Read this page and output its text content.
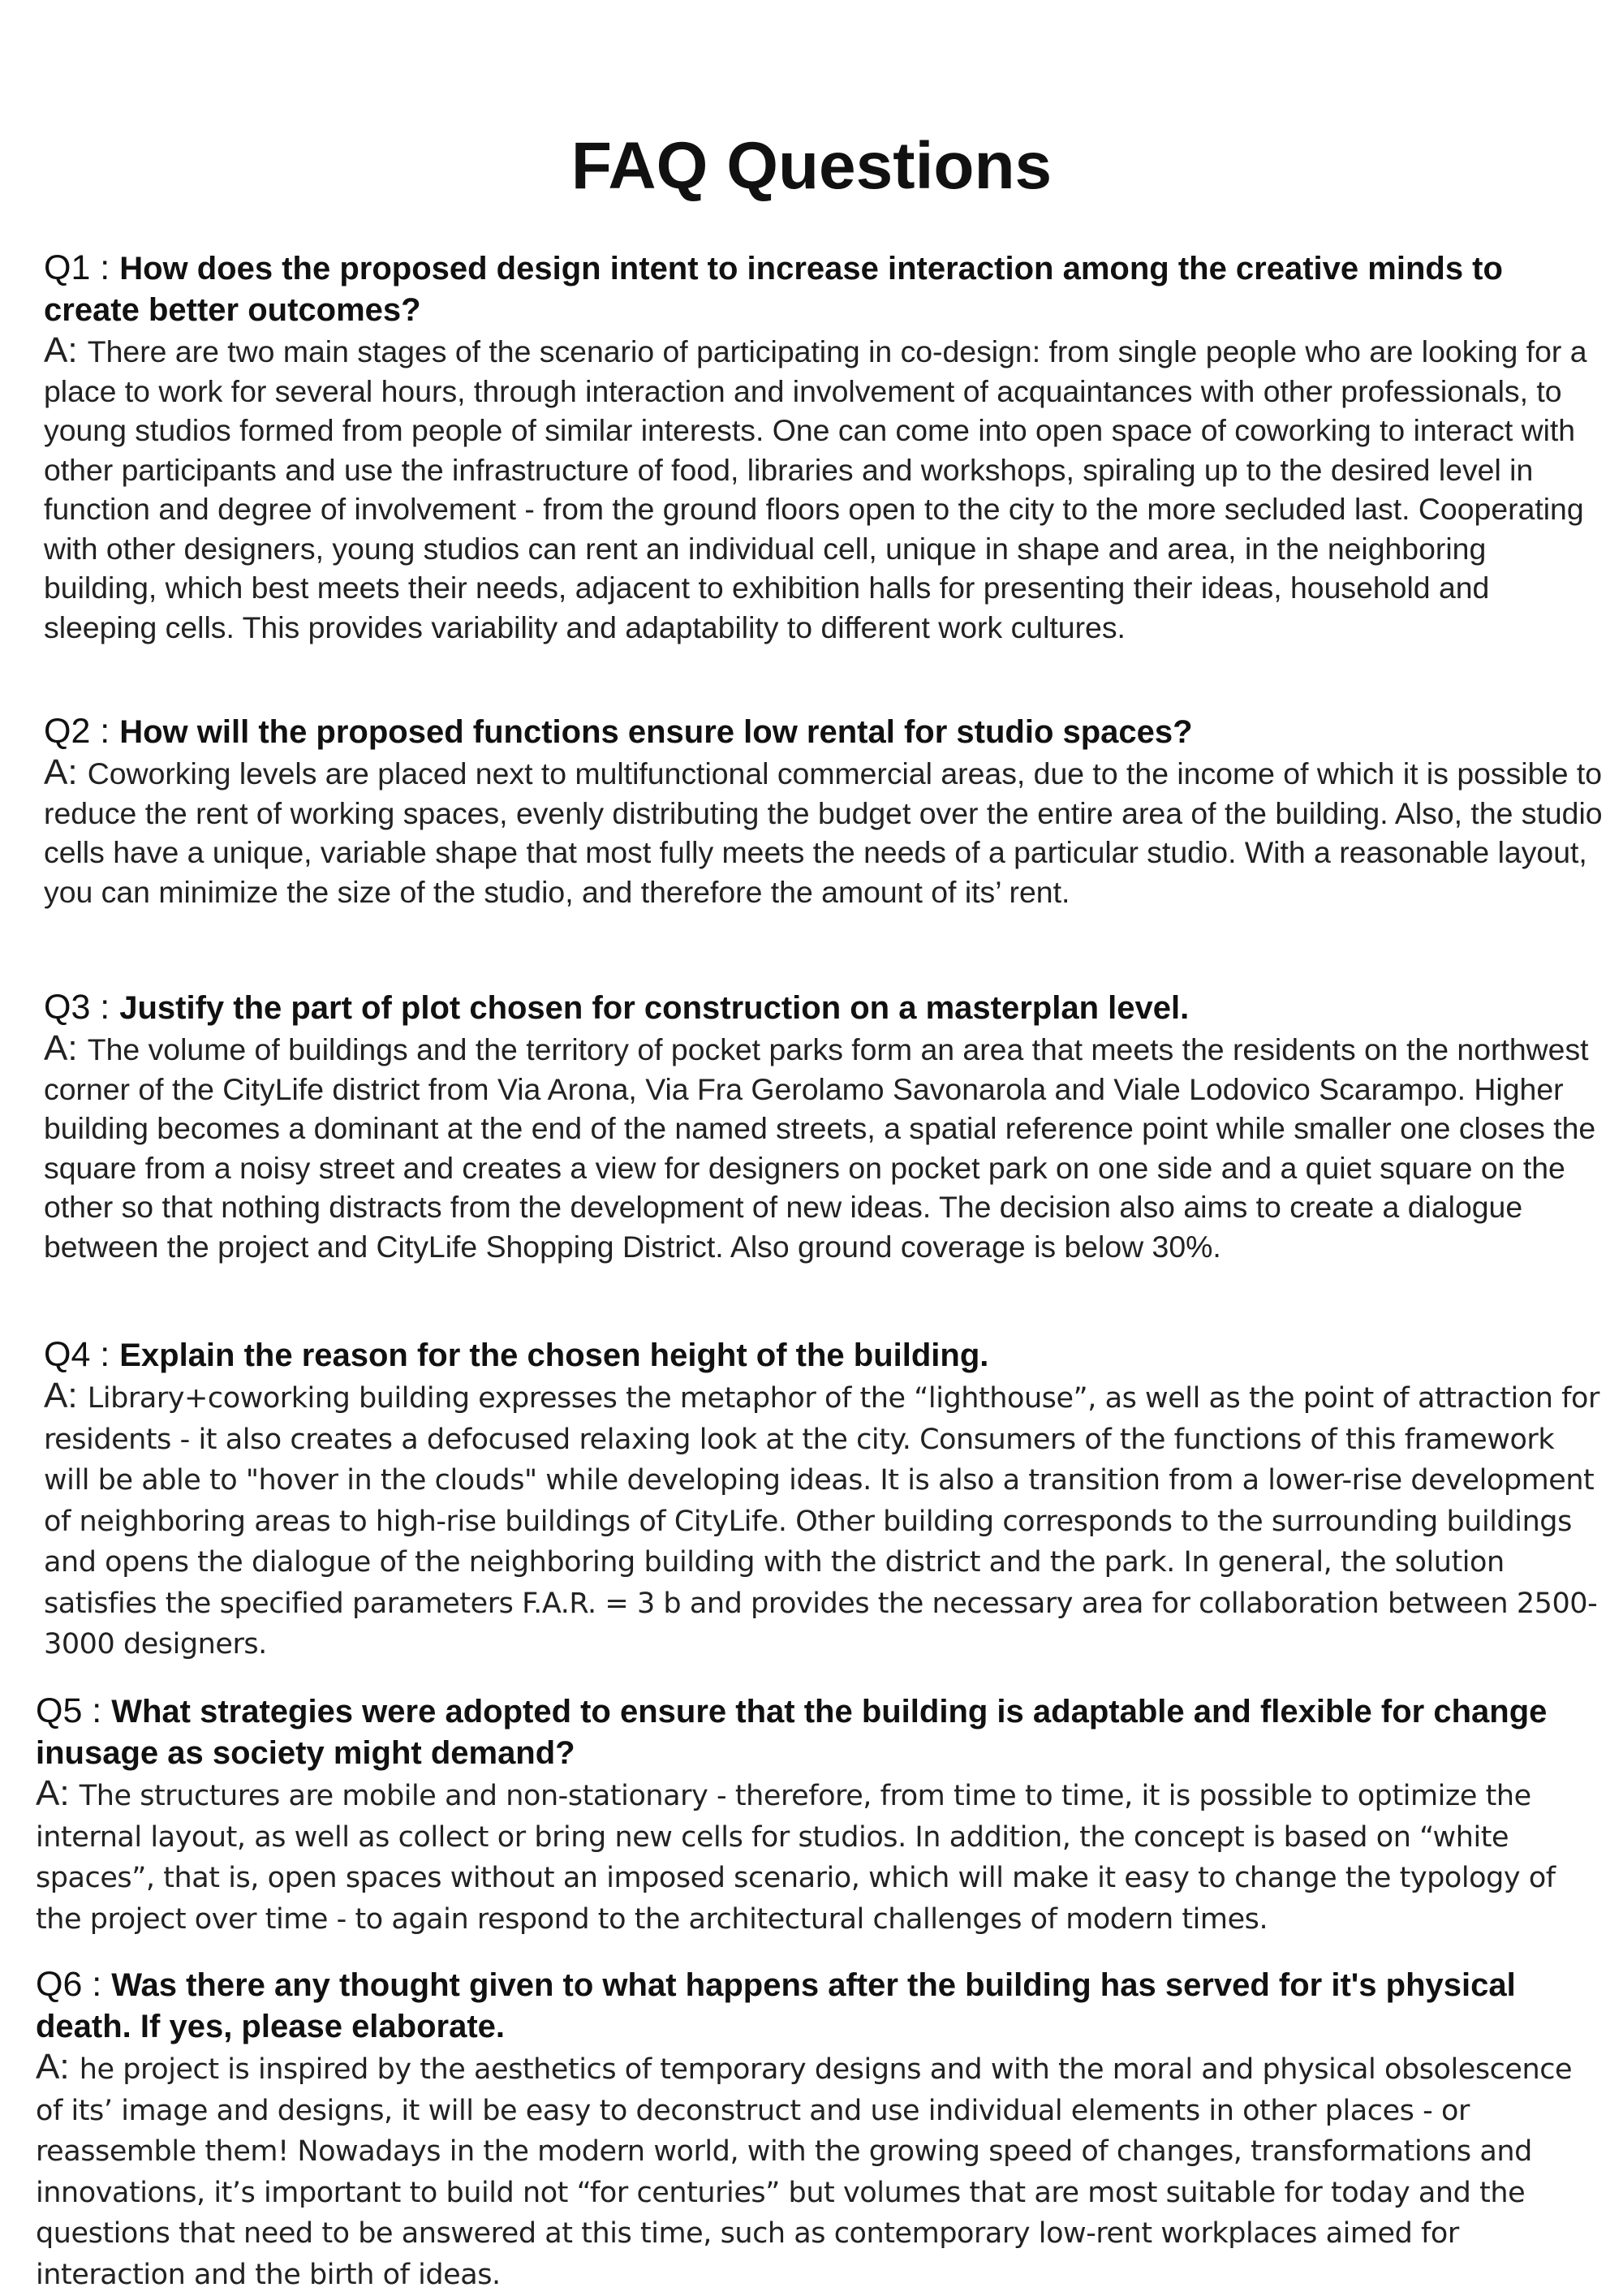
FAQ Questions

Q1 : How does the proposed design intent to increase interaction among the creative minds to create better outcomes?

A: There are two main stages of the scenario of participating in co-design: from single people who are looking for a place to work for several hours, through interaction and involvement of acquaintances with other professionals, to young studios formed from people of similar interests. One can come into open space of coworking to interact with other participants and use the infrastructure of food, libraries and workshops, spiraling up to the desired level in function and degree of involvement - from the ground floors open to the city to the more secluded last. Cooperating with other designers, young studios can rent an individual cell, unique in shape and area, in the neighboring building, which best meets their needs, adjacent to exhibition halls for presenting their ideas, household and sleeping cells. This provides variability and adaptability to different work cultures.

Q2 : How will the proposed functions ensure low rental for studio spaces?

A: Coworking levels are placed next to multifunctional commercial areas, due to the income of which it is possible to reduce the rent of working spaces, evenly distributing the budget over the entire area of the building. Also, the studio cells have a unique, variable shape that most fully meets the needs of a particular studio. With a reasonable layout, you can minimize the size of the studio, and therefore the amount of its’ rent.

Q3 : Justify the part of plot chosen for construction on a masterplan level.

A: The volume of buildings and the territory of pocket parks form an area that meets the residents on the northwest corner of the CityLife district from Via Arona, Via Fra Gerolamo Savonarola and Viale Lodovico Scarampo. Higher building becomes a dominant at the end of the named streets, a spatial reference point while smaller one closes the square from a noisy street and creates a view for designers on pocket park on one side and a quiet square on the other so that nothing distracts from the development of new ideas. The decision also aims to create a dialogue between the project and CityLife Shopping District. Also ground coverage is below 30%.

Q4 : Explain the reason for the chosen height of the building.

A: Library+coworking building expresses the metaphor of the “lighthouse”, as well as the point of attraction for residents - it also creates a defocused relaxing look at the city. Consumers of the functions of this framework will be able to "hover in the clouds" while developing ideas. It is also a transition from a lower-rise development of neighboring areas to high-rise buildings of CityLife. Other building corresponds to the surrounding buildings and opens the dialogue of the neighboring building with the district and the park. In general, the solution satisfies the specified parameters F.A.R. = 3 b and provides the necessary area for collaboration between 2500-3000 designers.

Q5 : What strategies were adopted to ensure that the building is adaptable and flexible for change inusage as society might demand?

A: The structures are mobile and non-stationary - therefore, from time to time, it is possible to optimize the internal layout, as well as collect or bring new cells for studios. In addition, the concept is based on “white spaces”, that is, open spaces without an imposed scenario, which will make it easy to change the typology of the project over time - to again respond to the architectural challenges of modern times.

Q6 : Was there any thought given to what happens after the building has served for it's physical death. If yes, please elaborate.

A: he project is inspired by the aesthetics of temporary designs and with the moral and physical obsolescence of its’ image and designs, it will be easy to deconstruct and use individual elements in other places - or reassemble them! Nowadays in the modern world, with the growing speed of changes, transformations and innovations, it’s important to build not “for centuries” but volumes that are most suitable for today and the questions that need to be answered at this time, such as contemporary low-rent workplaces aimed for interaction and the birth of ideas.
